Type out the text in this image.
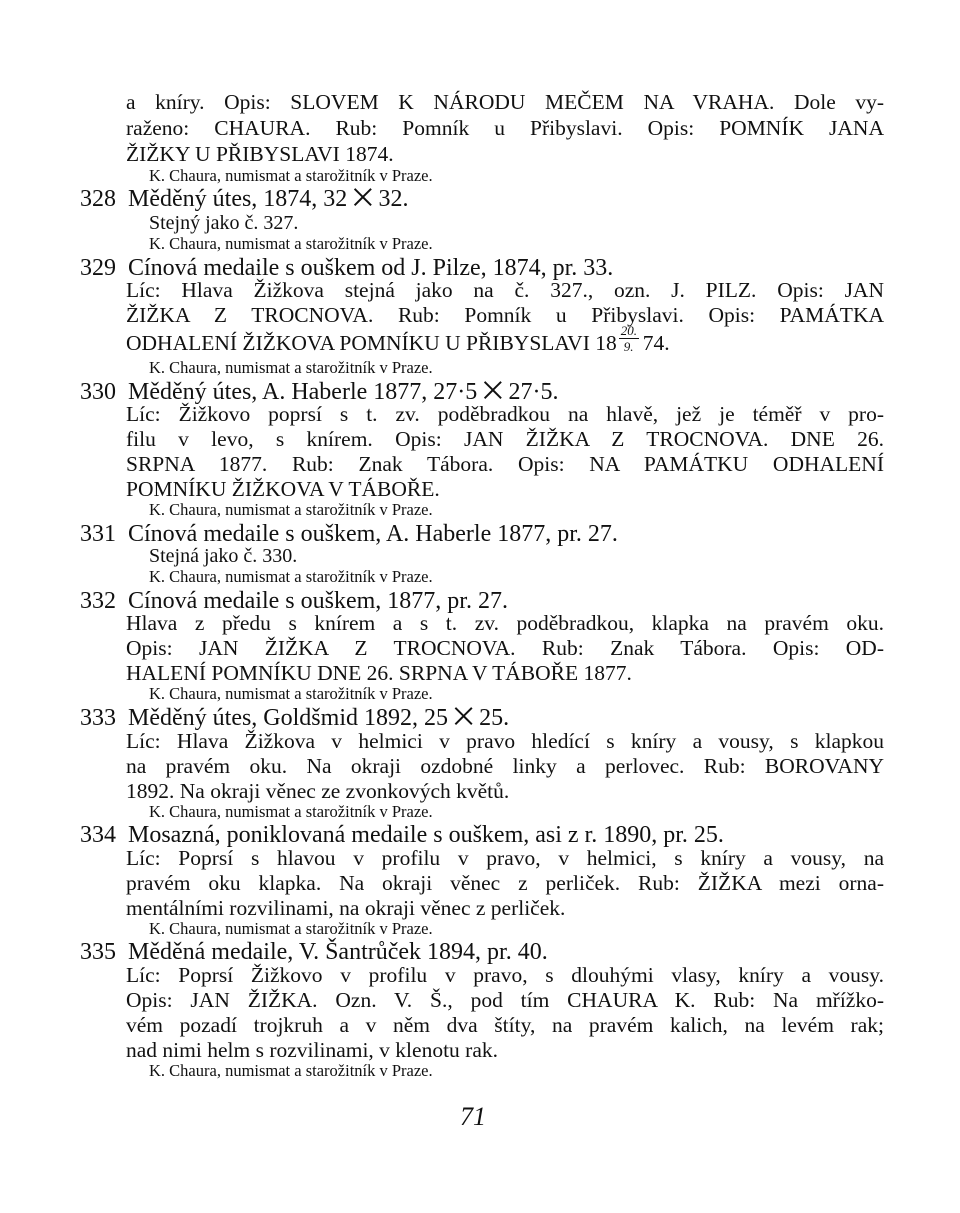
a kníry. Opis: SLOVEM K NÁRODU MEČEM NA VRAHA. Dole vy-
raženo: CHAURA. Rub: Pomník u Přibyslavi. Opis: POMNÍK JANA
ŽIŽKY U PŘIBYSLAVI 1874.
K. Chaura, numismat a starožitník v Praze.
328 Měděný útes, 1874, 32 ⨉ 32.
Stejný jako č. 327.
K. Chaura, numismat a starožitník v Praze.
329 Cínová medaile s ouškem od J. Pilze, 1874, pr. 33.
Líc: Hlava Žižkova stejná jako na č. 327., ozn. J. PILZ. Opis: JAN
ŽIŽKA Z TROCNOVA. Rub: Pomník u Přibyslavi. Opis: PAMÁTKA
ODHALENÍ ŽIŽKOVA POMNÍKU U PŘIBYSLAVI $18 \frac{20.}{9.} 74$.
K. Chaura, numismat a starožitník v Praze.
330 Měděný útes, A. Haberle 1877, 27·5 ⨉ 27·5.
Líc: Žižkovo poprsí s t. zv. poděbradkou na hlavě, jež je téměř v pro-
filu v levo, s knírem. Opis: JAN ŽIŽKA Z TROCNOVA. DNE 26.
SRPNA 1877. Rub: Znak Tábora. Opis: NA PAMÁTKU ODHALENÍ
POMNÍKU ŽIŽKOVA V TÁBOŘE.
K. Chaura, numismat a starožitník v Praze.
331 Cínová medaile s ouškem, A. Haberle 1877, pr. 27.
Stejná jako č. 330.
K. Chaura, numismat a starožitník v Praze.
332 Cínová medaile s ouškem, 1877, pr. 27.
Hlava z předu s knírem a s t. zv. poděbradkou, klapka na pravém oku.
Opis: JAN ŽIŽKA Z TROCNOVA. Rub: Znak Tábora. Opis: OD-
HALENÍ POMNÍKU DNE 26. SRPNA V TÁBOŘE 1877.
K. Chaura, numismat a starožitník v Praze.
333 Měděný útes, Goldšmid 1892, 25 ⨉ 25.
Líc: Hlava Žižkova v helmici v pravo hledící s kníry a vousy, s klapkou
na pravém oku. Na okraji ozdobné linky a perlovec. Rub: BOROVANY
1892. Na okraji věnec ze zvonkových květů.
K. Chaura, numismat a starožitník v Praze.
334 Mosazná, poniklovaná medaile s ouškem, asi z r. 1890, pr. 25.
Líc: Poprsí s hlavou v profilu v pravo, v helmici, s kníry a vousy, na
pravém oku klapka. Na okraji věnec z perliček. Rub: ŽIŽKA mezi orna-
mentálními rozvilinami, na okraji věnec z perliček.
K. Chaura, numismat a starožitník v Praze.
335 Měděná medaile, V. Šantrůček 1894, pr. 40.
Líc: Poprsí Žižkovo v profilu v pravo, s dlouhými vlasy, kníry a vousy.
Opis: JAN ŽIŽKA. Ozn. V. Š., pod tím CHAURA K. Rub: Na mřížko-
vém pozadí trojkruh a v něm dva štíty, na pravém kalich, na levém rak;
nad nimi helm s rozvilinami, v klenotu rak.
K. Chaura, numismat a starožitník v Praze.
71
